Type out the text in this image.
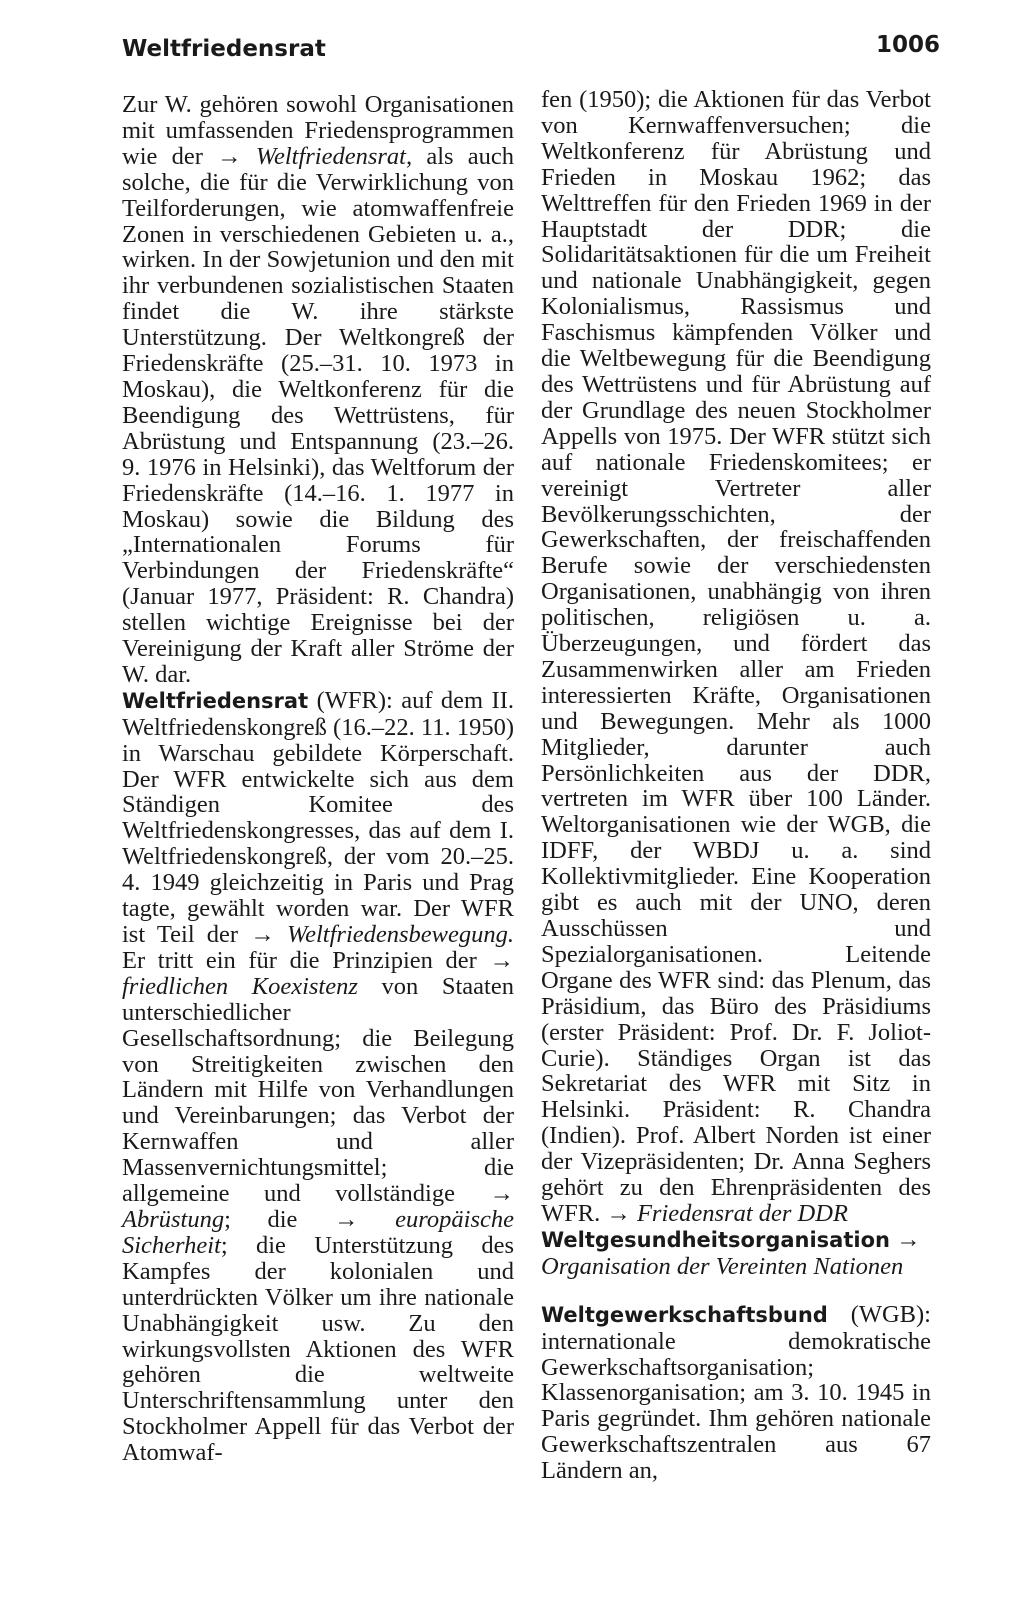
Weltfriedensrat	1006

Zur W. gehören sowohl Organisationen mit umfassenden Friedensprogrammen wie der → Weltfriedensrat, als auch solche, die für die Verwirklichung von Teilforderungen, wie atomwaffenfreie Zonen in verschiedenen Gebieten u. a., wirken. In der Sowjetunion und den mit ihr verbundenen sozialistischen Staaten findet die W. ihre stärkste Unterstützung. Der Weltkongreß der Friedenskräfte (25.–31. 10. 1973 in Moskau), die Weltkonferenz für die Beendigung des Wettrüstens, für Abrüstung und Entspannung (23.–26. 9. 1976 in Helsinki), das Weltforum der Friedenskräfte (14.–16. 1. 1977 in Moskau) sowie die Bildung des „Internationalen Forums für Verbindungen der Friedenskräfte“ (Januar 1977, Präsident: R. Chandra) stellen wichtige Ereignisse bei der Vereinigung der Kraft aller Ströme der W. dar.

Weltfriedensrat (WFR): auf dem II. Weltfriedenskongreß (16.–22. 11. 1950) in Warschau gebildete Körperschaft. Der WFR entwickelte sich aus dem Ständigen Komitee des Weltfriedenskongresses, das auf dem I. Weltfriedenskongreß, der vom 20.–25. 4. 1949 gleichzeitig in Paris und Prag tagte, gewählt worden war. Der WFR ist Teil der → Weltfriedensbewegung. Er tritt ein für die Prinzipien der → friedlichen Koexistenz von Staaten unterschiedlicher Gesellschaftsordnung; die Beilegung von Streitigkeiten zwischen den Ländern mit Hilfe von Verhandlungen und Vereinbarungen; das Verbot der Kernwaffen und aller Massenvernichtungsmittel; die allgemeine und vollständige → Abrüstung; die → europäische Sicherheit; die Unterstützung des Kampfes der kolonialen und unterdrückten Völker um ihre nationale Unabhängigkeit usw. Zu den wirkungsvollsten Aktionen des WFR gehören die weltweite Unterschriftensammlung unter den Stockholmer Appell für das Verbot der Atomwaf-

fen (1950); die Aktionen für das Verbot von Kernwaffenversuchen; die Weltkonferenz für Abrüstung und Frieden in Moskau 1962; das Welttreffen für den Frieden 1969 in der Hauptstadt der DDR; die Solidaritätsaktionen für die um Freiheit und nationale Unabhängigkeit, gegen Kolonialismus, Rassismus und Faschismus kämpfenden Völker und die Weltbewegung für die Beendigung des Wettrüstens und für Abrüstung auf der Grundlage des neuen Stockholmer Appells von 1975. Der WFR stützt sich auf nationale Friedenskomitees; er vereinigt Vertreter aller Bevölkerungsschichten, der Gewerkschaften, der freischaffenden Berufe sowie der verschiedensten Organisationen, unabhängig von ihren politischen, religiösen u. a. Überzeugungen, und fördert das Zusammenwirken aller am Frieden interessierten Kräfte, Organisationen und Bewegungen. Mehr als 1000 Mitglieder, darunter auch Persönlichkeiten aus der DDR, vertreten im WFR über 100 Länder. Weltorganisationen wie der WGB, die IDFF, der WBDJ u. a. sind Kollektivmitglieder. Eine Kooperation gibt es auch mit der UNO, deren Ausschüssen und Spezialorganisationen. Leitende Organe des WFR sind: das Plenum, das Präsidium, das Büro des Präsidiums (erster Präsident: Prof. Dr. F. Joliot-Curie). Ständiges Organ ist das Sekretariat des WFR mit Sitz in Helsinki. Präsident: R. Chandra (Indien). Prof. Albert Norden ist einer der Vizepräsidenten; Dr. Anna Seghers gehört zu den Ehrenpräsidenten des WFR. → Friedensrat der DDR

Weltgesundheitsorganisation → Organisation der Vereinten Nationen

Weltgewerkschaftsbund (WGB): internationale demokratische Gewerkschaftsorganisation; Klassenorganisation; am 3. 10. 1945 in Paris gegründet. Ihm gehören nationale Gewerkschaftszentralen aus 67 Ländern an,
